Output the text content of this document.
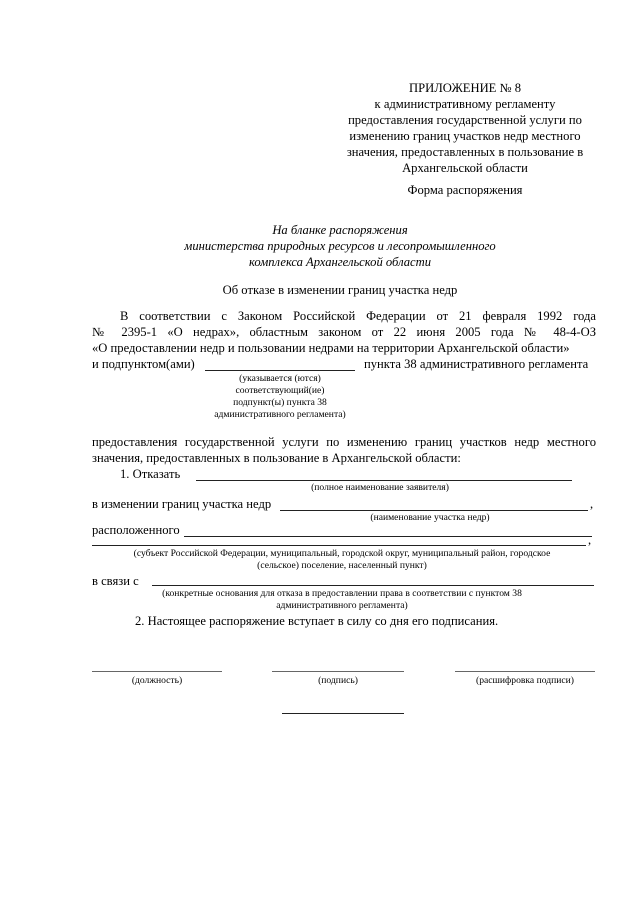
ПРИЛОЖЕНИЕ № 8
к административному регламенту
предоставления государственной услуги по
изменению границ участков недр местного
значения, предоставленных в пользование в
Архангельской области
Форма распоряжения
На бланке распоряжения
министерства природных ресурсов и лесопромышленного
комплекса Архангельской области
Об отказе в изменении границ участка недр
В соответствии с Законом Российской Федерации от 21 февраля 1992 года
№ 2395-1 «О недрах», областным законом от 22 июня 2005 года № 48-4-ОЗ
«О предоставлении недр и пользовании недрами на территории Архангельской области»
и подпунктом(ами)	пункта 38 административного регламента
(указывается (ются)
соответствующий(ие)
подпункт(ы) пункта 38
административного регламента)
предоставления государственной услуги по изменению границ участков недр местного
значения, предоставленных в пользование в Архангельской области:
1. Отказать
(полное наименование заявителя)
в изменении границ участка недр	,
(наименование участка недр)
расположенного
,
(субъект Российской Федерации, муниципальный, городской округ, муниципальный район, городское
(сельское) поселение, населенный пункт)
в связи с
(конкретные основания для отказа в предоставлении права в соответствии с пунктом 38
административного регламента)
2. Настоящее распоряжение вступает в силу со дня его подписания.
(должность)	(подпись)	(расшифровка подписи)
